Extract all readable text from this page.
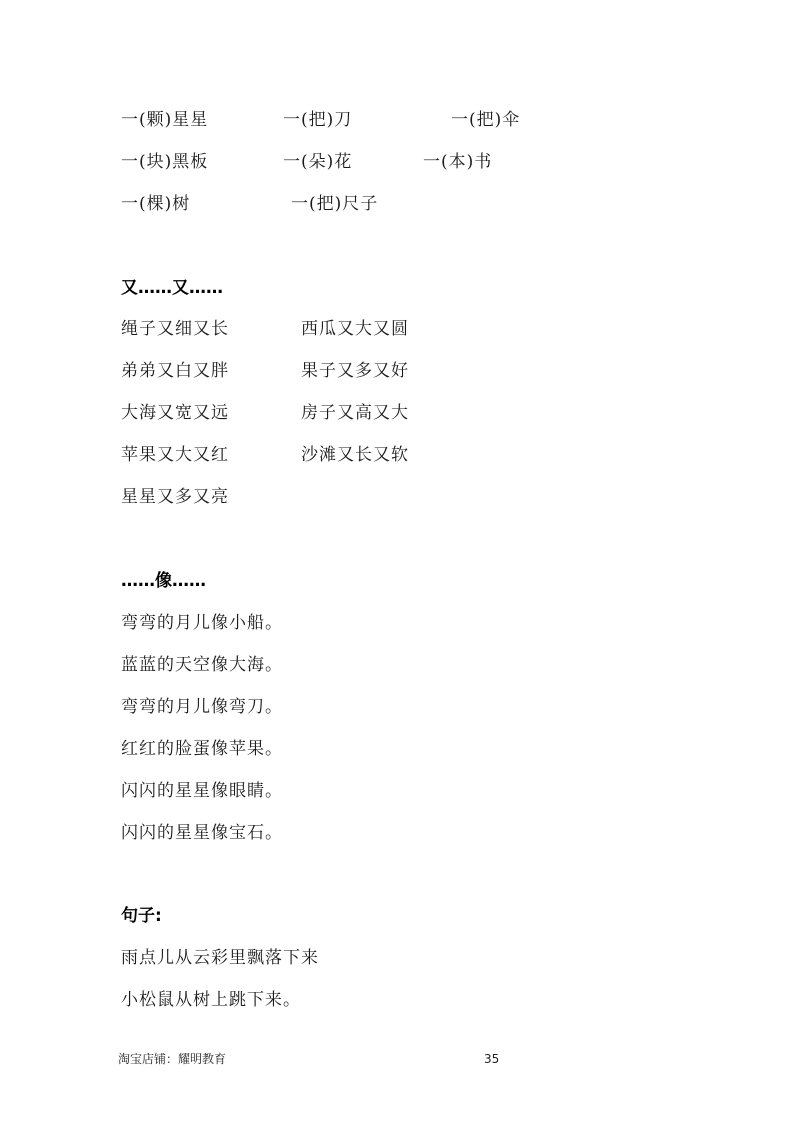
一(颗)星星	一(把)刀	一(把)伞
一(块)黑板	一(朵)花	一(本)书
一(棵)树	一(把)尺子
又……又……
绳子又细又长	西瓜又大又圆
弟弟又白又胖	果子又多又好
大海又宽又远	房子又高又大
苹果又大又红	沙滩又长又软
星星又多又亮
……像……
弯弯的月儿像小船。
蓝蓝的天空像大海。
弯弯的月儿像弯刀。
红红的脸蛋像苹果。
闪闪的星星像眼睛。
闪闪的星星像宝石。
句子:
雨点儿从云彩里飘落下来
小松鼠从树上跳下来。
淘宝店铺：耀明教育	35
